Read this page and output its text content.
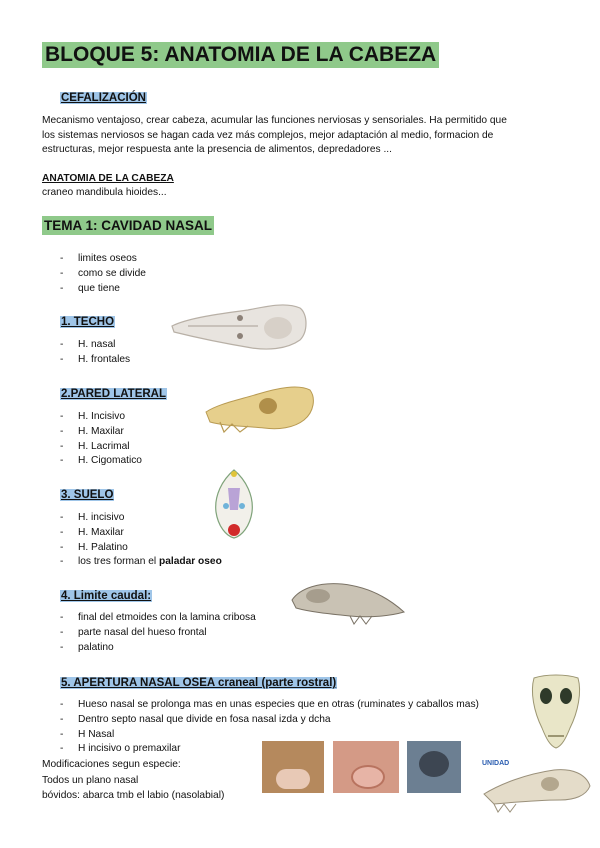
BLOQUE 5: ANATOMIA DE LA CABEZA
CEFALIZACIÓN
Mecanismo ventajoso, crear cabeza, acumular las funciones nerviosas y sensoriales. Ha permitido que
los sistemas nerviosos se hagan cada vez más complejos, mejor adaptación al medio, formacion de
estructuras, mejor respuesta ante la presencia de alimentos, depredadores ...
ANATOMIA DE LA CABEZA
craneo mandibula hioides...
TEMA 1: CAVIDAD NASAL
- limites oseos
- como se divide
- que tiene
1. TECHO
- H. nasal
- H. frontales
2.PARED LATERAL
- H. Incisivo
- H. Maxilar
- H. Lacrimal
- H. Cigomatico
3. SUELO
- H. incisivo
- H. Maxilar
- H. Palatino
- los tres forman el paladar oseo
4. Limite caudal:
- final del etmoides con la lamina cribosa
- parte nasal del hueso frontal
- palatino
5. APERTURA NASAL OSEA craneal (parte rostral)
- Hueso nasal se prolonga mas en unas especies que en otras (ruminates y caballos mas)
- Dentro septo nasal que divide en fosa nasal izda y dcha
- H Nasal
- H incisivo o premaxilar
Modificaciones segun especie:
Todos un plano nasal
bóvidos: abarca tmb el labio (nasolabial)
UNIDAD
